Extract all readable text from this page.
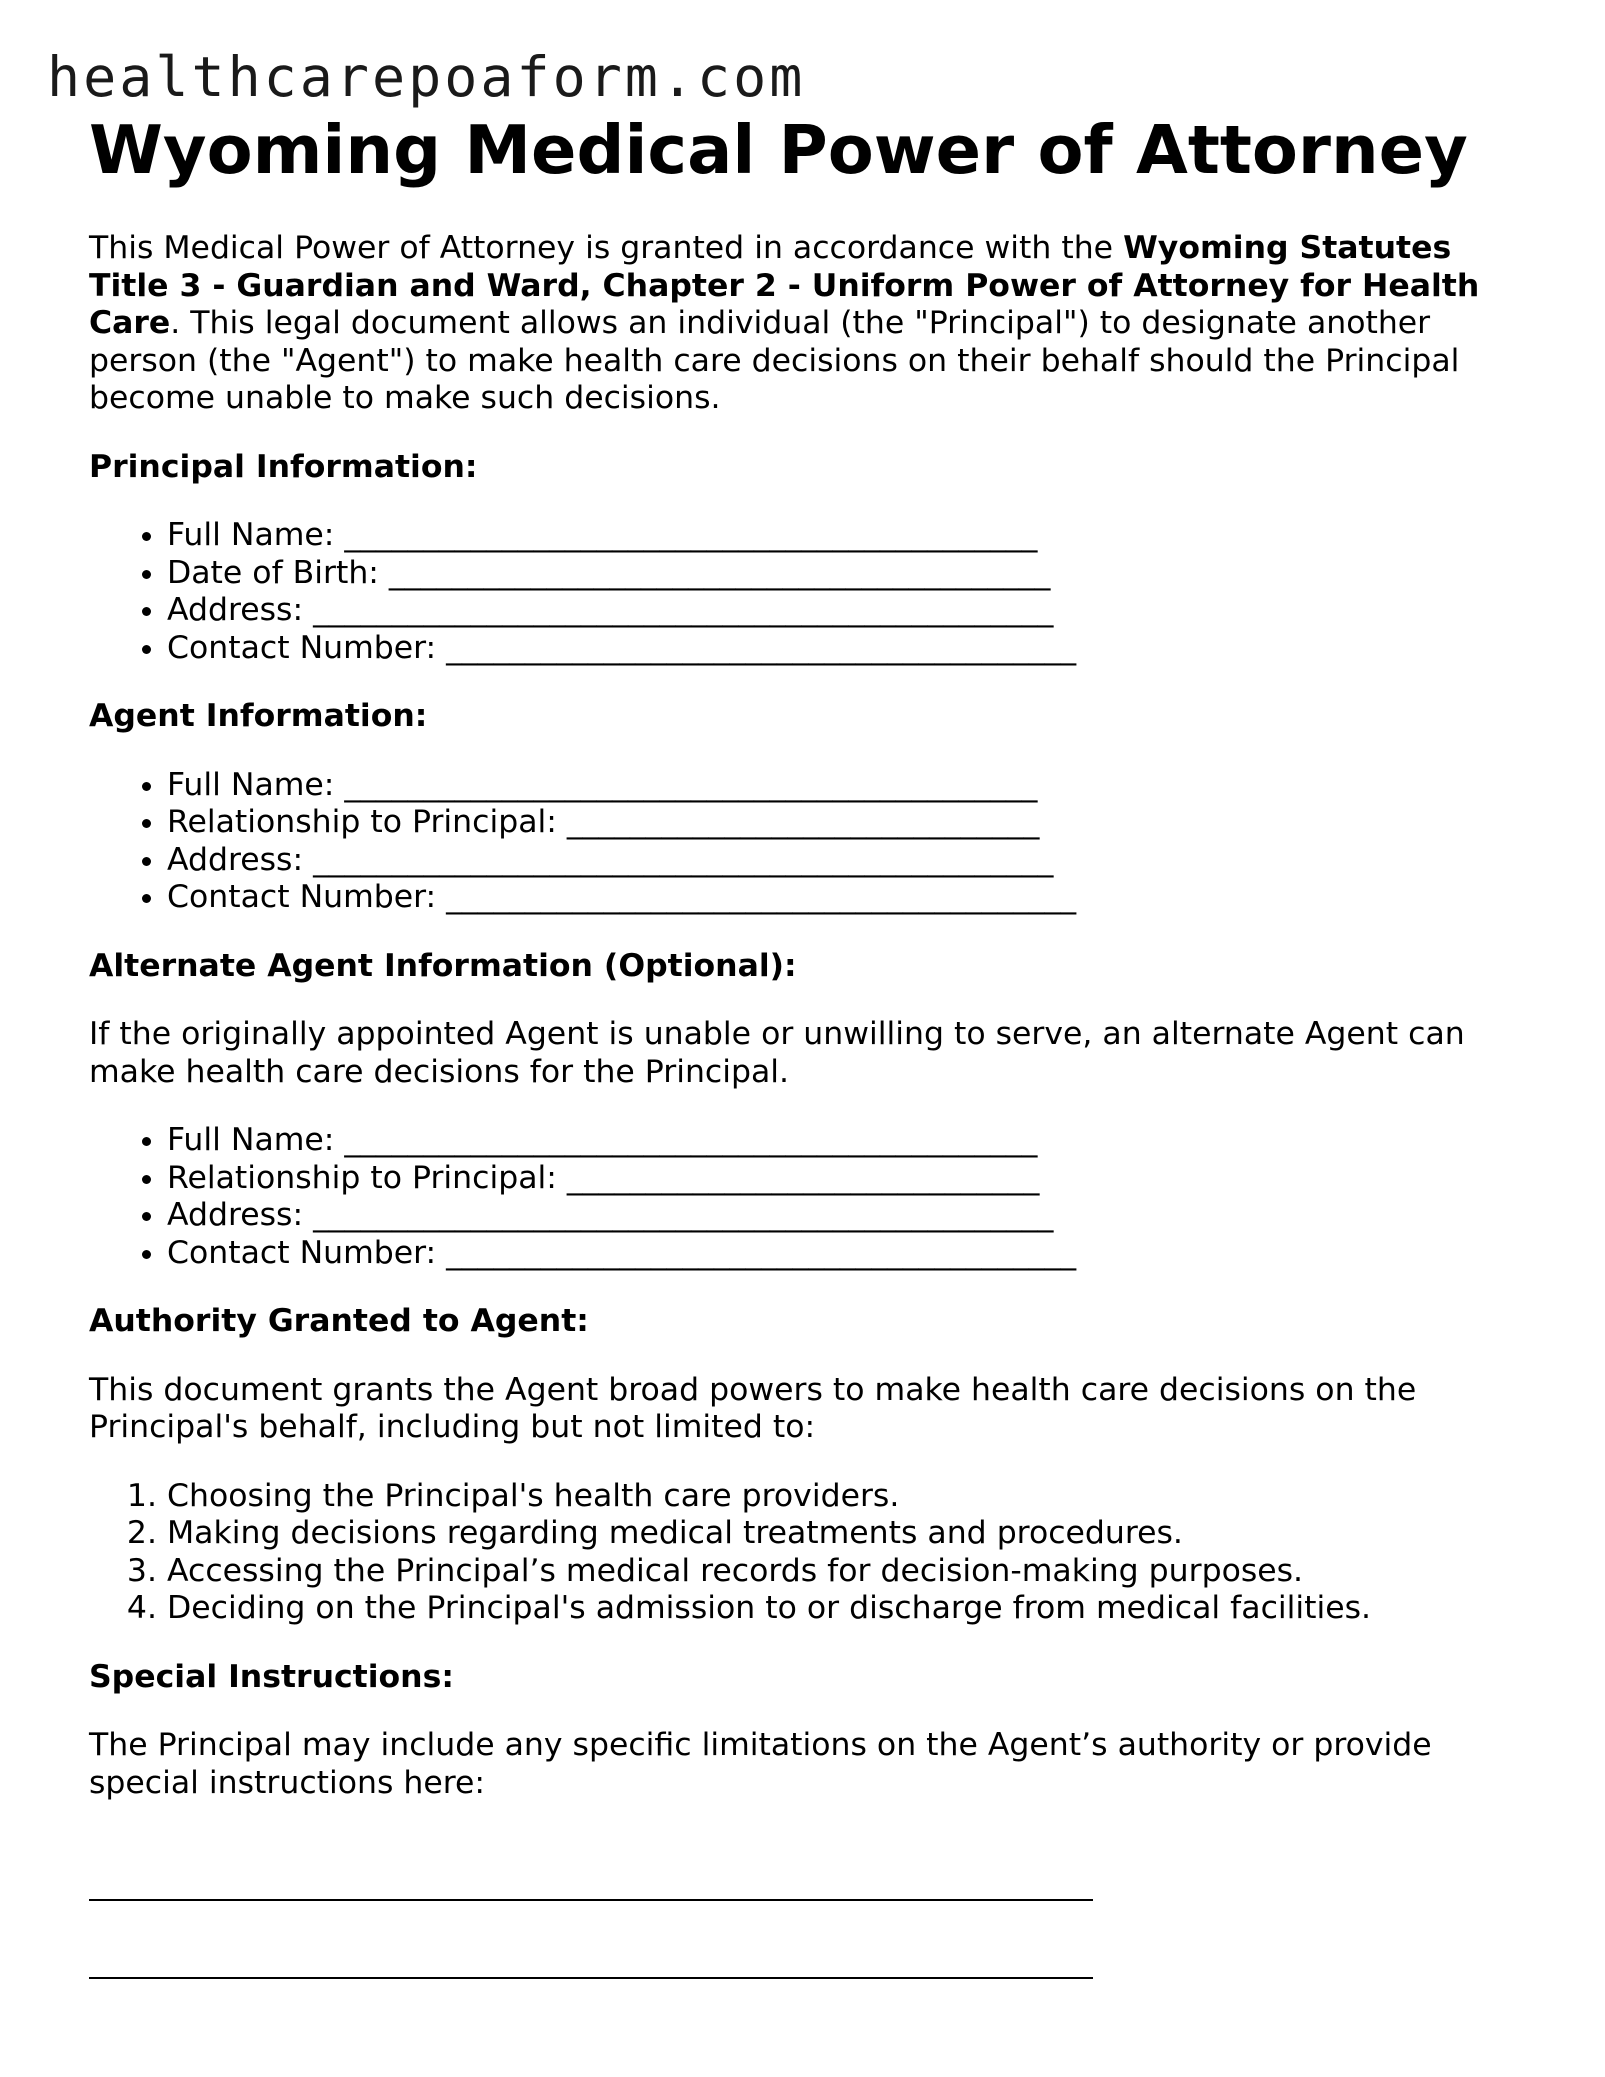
healthcarepoaform.com
Wyoming Medical Power of Attorney

This Medical Power of Attorney is granted in accordance with the Wyoming Statutes Title 3 - Guardian and Ward, Chapter 2 - Uniform Power of Attorney for Health Care. This legal document allows an individual (the "Principal") to designate another person (the "Agent") to make health care decisions on their behalf should the Principal become unable to make such decisions.

Principal Information:
• Full Name: ____________________________________________
• Date of Birth: __________________________________________
• Address: _______________________________________________
• Contact Number: ________________________________________
Agent Information:
• Full Name: ____________________________________________
• Relationship to Principal: ______________________________
• Address: _______________________________________________
• Contact Number: ________________________________________
Alternate Agent Information (Optional):

If the originally appointed Agent is unable or unwilling to serve, an alternate Agent can make health care decisions for the Principal.

• Full Name: ____________________________________________
• Relationship to Principal: ______________________________
• Address: _______________________________________________
• Contact Number: ________________________________________
Authority Granted to Agent:

This document grants the Agent broad powers to make health care decisions on the Principal's behalf, including but not limited to:

1. Choosing the Principal's health care providers.
2. Making decisions regarding medical treatments and procedures.
3. Accessing the Principal’s medical records for decision-making purposes.
4. Deciding on the Principal's admission to or discharge from medical facilities.
Special Instructions:

The Principal may include any specific limitations on the Agent’s authority or provide special instructions here:
